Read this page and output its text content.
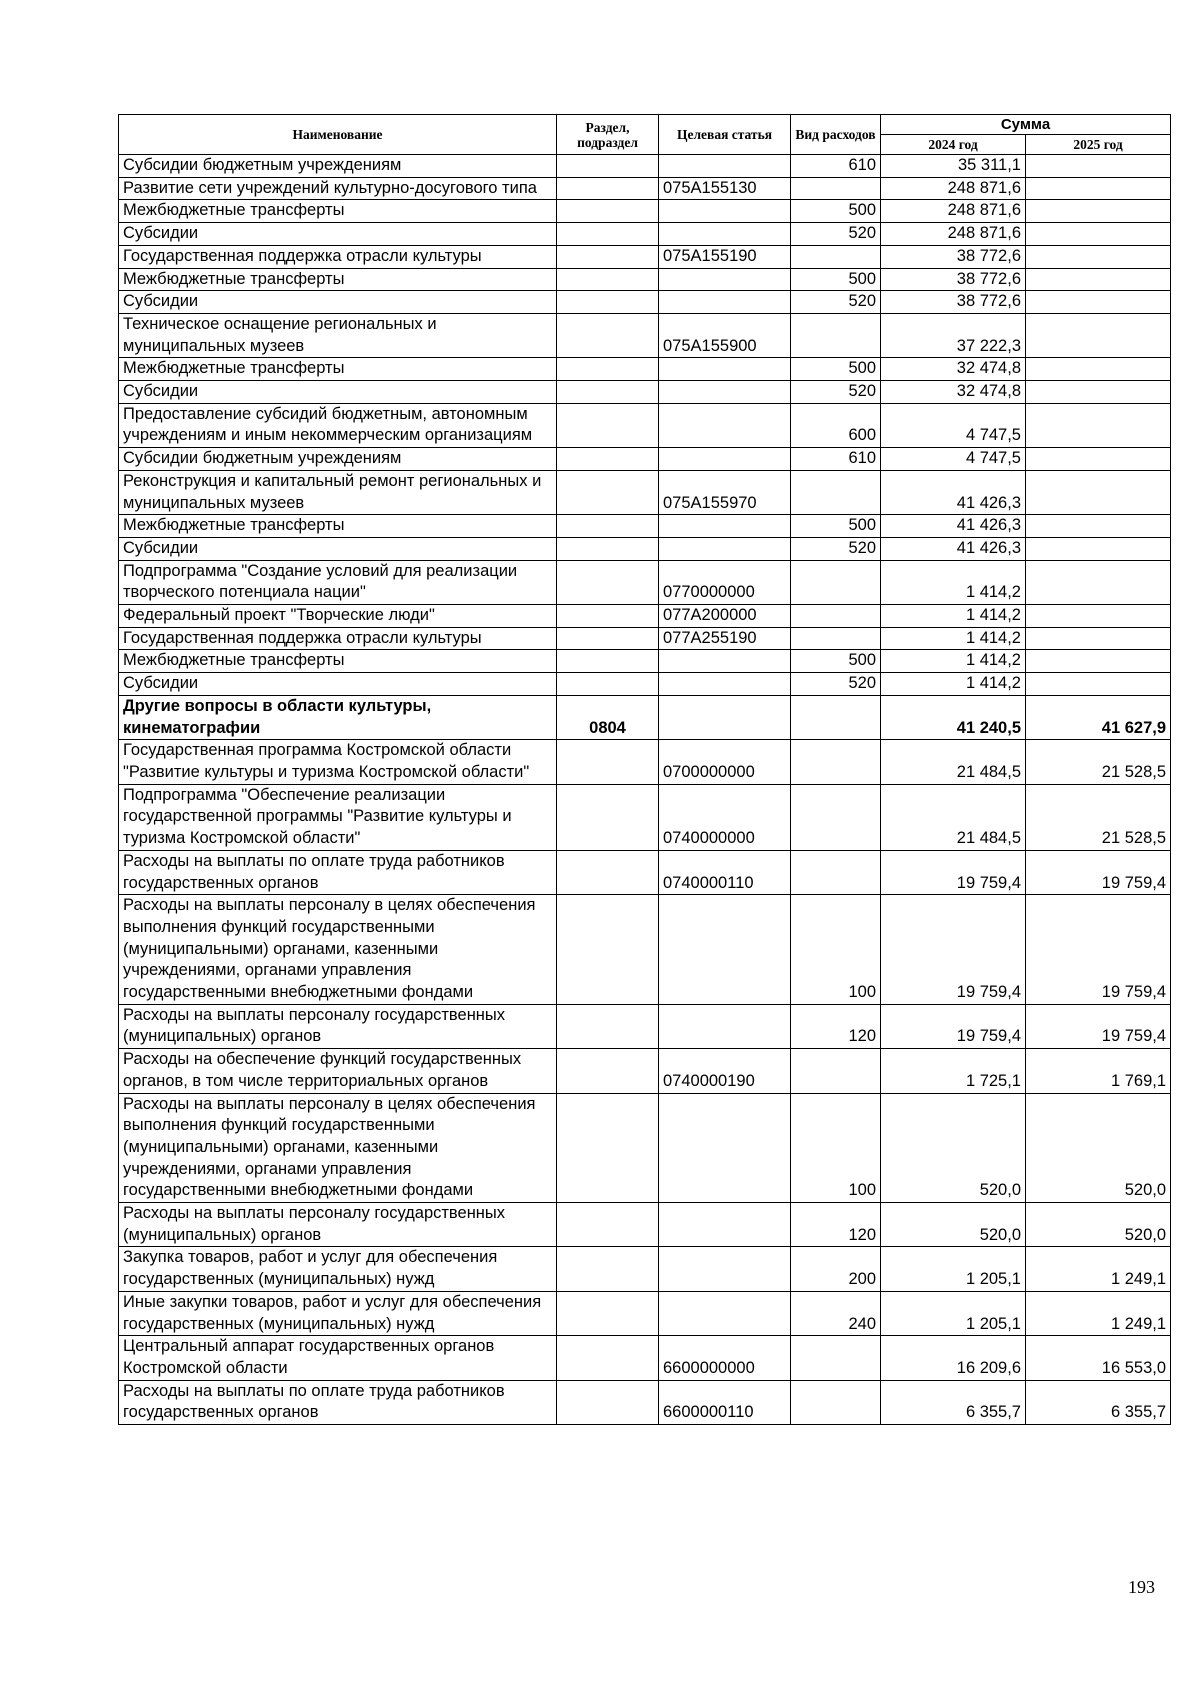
Наименование	Раздел, подраздел	Целевая статья	Вид расходов	Сумма	
				2024 год	2025 год
Субсидии бюджетным учреждениям			610	35 311,1	
Развитие сети учреждений культурно-досугового типа		075A155130		248 871,6	
Межбюджетные трансферты			500	248 871,6	
Субсидии			520	248 871,6	
Государственная поддержка отрасли культуры		075A155190		38 772,6	
Межбюджетные трансферты			500	38 772,6	
Субсидии			520	38 772,6	
Техническое оснащение региональных и муниципальных музеев		075A155900		37 222,3	
Межбюджетные трансферты			500	32 474,8	
Субсидии			520	32 474,8	
Предоставление субсидий бюджетным, автономным учреждениям и иным некоммерческим организациям			600	4 747,5	
Субсидии бюджетным учреждениям			610	4 747,5	
Реконструкция и капитальный ремонт региональных и муниципальных музеев		075A155970		41 426,3	
Межбюджетные трансферты			500	41 426,3	
Субсидии			520	41 426,3	
Подпрограмма "Создание условий для реализации творческого потенциала нации"		0770000000		1 414,2	
Федеральный проект "Творческие люди"		077A200000		1 414,2	
Государственная поддержка отрасли культуры		077A255190		1 414,2	
Межбюджетные трансферты			500	1 414,2	
Субсидии			520	1 414,2	
Другие вопросы в области культуры, кинематографии	0804			41 240,5	41 627,9
Государственная программа Костромской области "Развитие культуры и туризма Костромской области"		0700000000		21 484,5	21 528,5
Подпрограмма "Обеспечение реализации государственной программы "Развитие культуры и туризма Костромской области"		0740000000		21 484,5	21 528,5
Расходы на выплаты по оплате труда работников государственных органов		0740000110		19 759,4	19 759,4
Расходы на выплаты персоналу в целях обеспечения выполнения функций государственными (муниципальными) органами, казенными учреждениями, органами управления государственными внебюджетными фондами			100	19 759,4	19 759,4
Расходы на выплаты персоналу государственных (муниципальных) органов			120	19 759,4	19 759,4
Расходы на обеспечение функций государственных органов, в том числе территориальных органов		0740000190		1 725,1	1 769,1
Расходы на выплаты персоналу в целях обеспечения выполнения функций государственными (муниципальными) органами, казенными учреждениями, органами управления государственными внебюджетными фондами			100	520,0	520,0
Расходы на выплаты персоналу государственных (муниципальных) органов			120	520,0	520,0
Закупка товаров, работ и услуг для обеспечения государственных (муниципальных) нужд			200	1 205,1	1 249,1
Иные закупки товаров, работ и услуг для обеспечения государственных (муниципальных) нужд			240	1 205,1	1 249,1
Центральный аппарат государственных органов Костромской области		6600000000		16 209,6	16 553,0
Расходы на выплаты по оплате труда работников государственных органов		6600000110		6 355,7	6 355,7
193
